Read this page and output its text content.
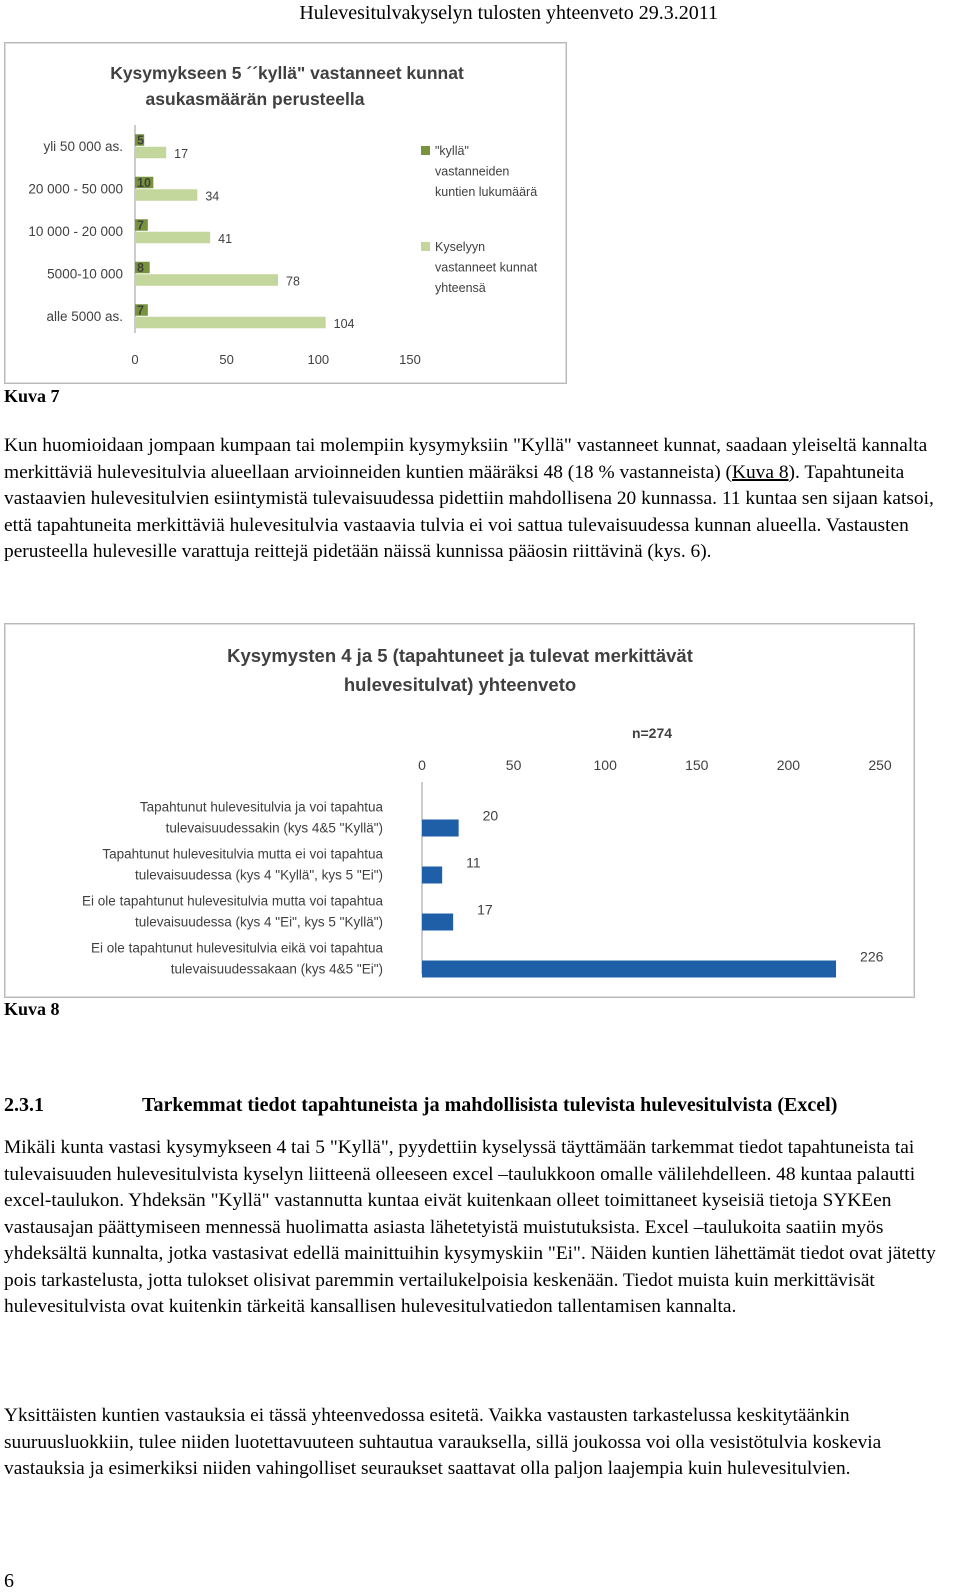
Hulevesitulvakyselyn tulosten yhteenveto 29.3.2011
Kysymykseen 5 ´´kyllä" vastanneet kunnat
asukasmäärän perusteella
yli 50 000 as. 5
17
20 000 - 50 000 10
34
10 000 - 20 000 7
41
5000-10 000 8
78
alle 5000 as. 7
104
0	50	100	150
"kyllä"
vastanneiden
kuntien lukumäärä
Kyselyyn
vastanneet kunnat
yhteensä
Kuva 7
Kun huomioidaan jompaan kumpaan tai molempiin kysymyksiin "Kyllä" vastanneet kunnat, saadaan yleiseltä kannalta merkittäviä hulevesitulvia alueellaan arvioinneiden kuntien määräksi 48 (18 % vastanneista) (Kuva 8). Tapahtuneita vastaavien hulevesitulvien esiintymistä tulevaisuudessa pidettiin mahdollisena 20 kunnassa. 11 kuntaa sen sijaan katsoi, että tapahtuneita merkittäviä hulevesitulvia vastaavia tulvia ei voi sattua tulevaisuudessa kunnan alueella. Vastausten perusteella hulevesille varattuja reittejä pidetään näissä kunnissa pääosin riittävinä (kys. 6).
Kysymysten 4 ja 5 (tapahtuneet ja tulevat merkittävät
hulevesitulvat) yhteenveto
n=274
0	50	100	150	200	250
Tapahtunut hulevesitulvia ja voi tapahtua
tulevaisuudessakin (kys 4&5 "Kyllä")
20
Tapahtunut hulevesitulvia mutta ei voi tapahtua
tulevaisuudessa (kys 4 "Kyllä", kys 5 "Ei")
11
Ei ole tapahtunut hulevesitulvia mutta voi tapahtua
tulevaisuudessa (kys 4 "Ei", kys 5 "Kyllä")
17
Ei ole tapahtunut hulevesitulvia eikä voi tapahtua
tulevaisuudessakaan (kys 4&5 "Ei")
226
Kuva 8
2.3.1	Tarkemmat tiedot tapahtuneista ja mahdollisista tulevista hulevesitulvista (Excel)
Mikäli kunta vastasi kysymykseen 4 tai 5 "Kyllä", pyydettiin kyselyssä täyttämään tarkemmat tiedot tapahtuneista tai tulevaisuuden hulevesitulvista kyselyn liitteenä olleeseen excel –taulukkoon omalle välilehdelleen. 48 kuntaa palautti excel-taulukon. Yhdeksän "Kyllä" vastannutta kuntaa eivät kuitenkaan olleet toimittaneet kyseisiä tietoja SYKEen vastausajan päättymiseen mennessä huolimatta asiasta lähetetyistä muistutuksista. Excel –taulukoita saatiin myös yhdeksältä kunnalta, jotka vastasivat edellä mainittuihin kysymyskiin "Ei". Näiden kuntien lähettämät tiedot ovat jätetty pois tarkastelusta, jotta tulokset olisivat paremmin vertailukelpoisia keskenään. Tiedot muista kuin merkittävisät hulevesitulvista ovat kuitenkin tärkeitä kansallisen hulevesitulvatiedon tallentamisen kannalta.
Yksittäisten kuntien vastauksia ei tässä yhteenvedossa esitetä. Vaikka vastausten tarkastelussa keskitytäänkin suuruusluokkiin, tulee niiden luotettavuuteen suhtautua varauksella, sillä joukossa voi olla vesistötulvia koskevia vastauksia ja esimerkiksi niiden vahingolliset seuraukset saattavat olla paljon laajempia kuin hulevesitulvien.
6
